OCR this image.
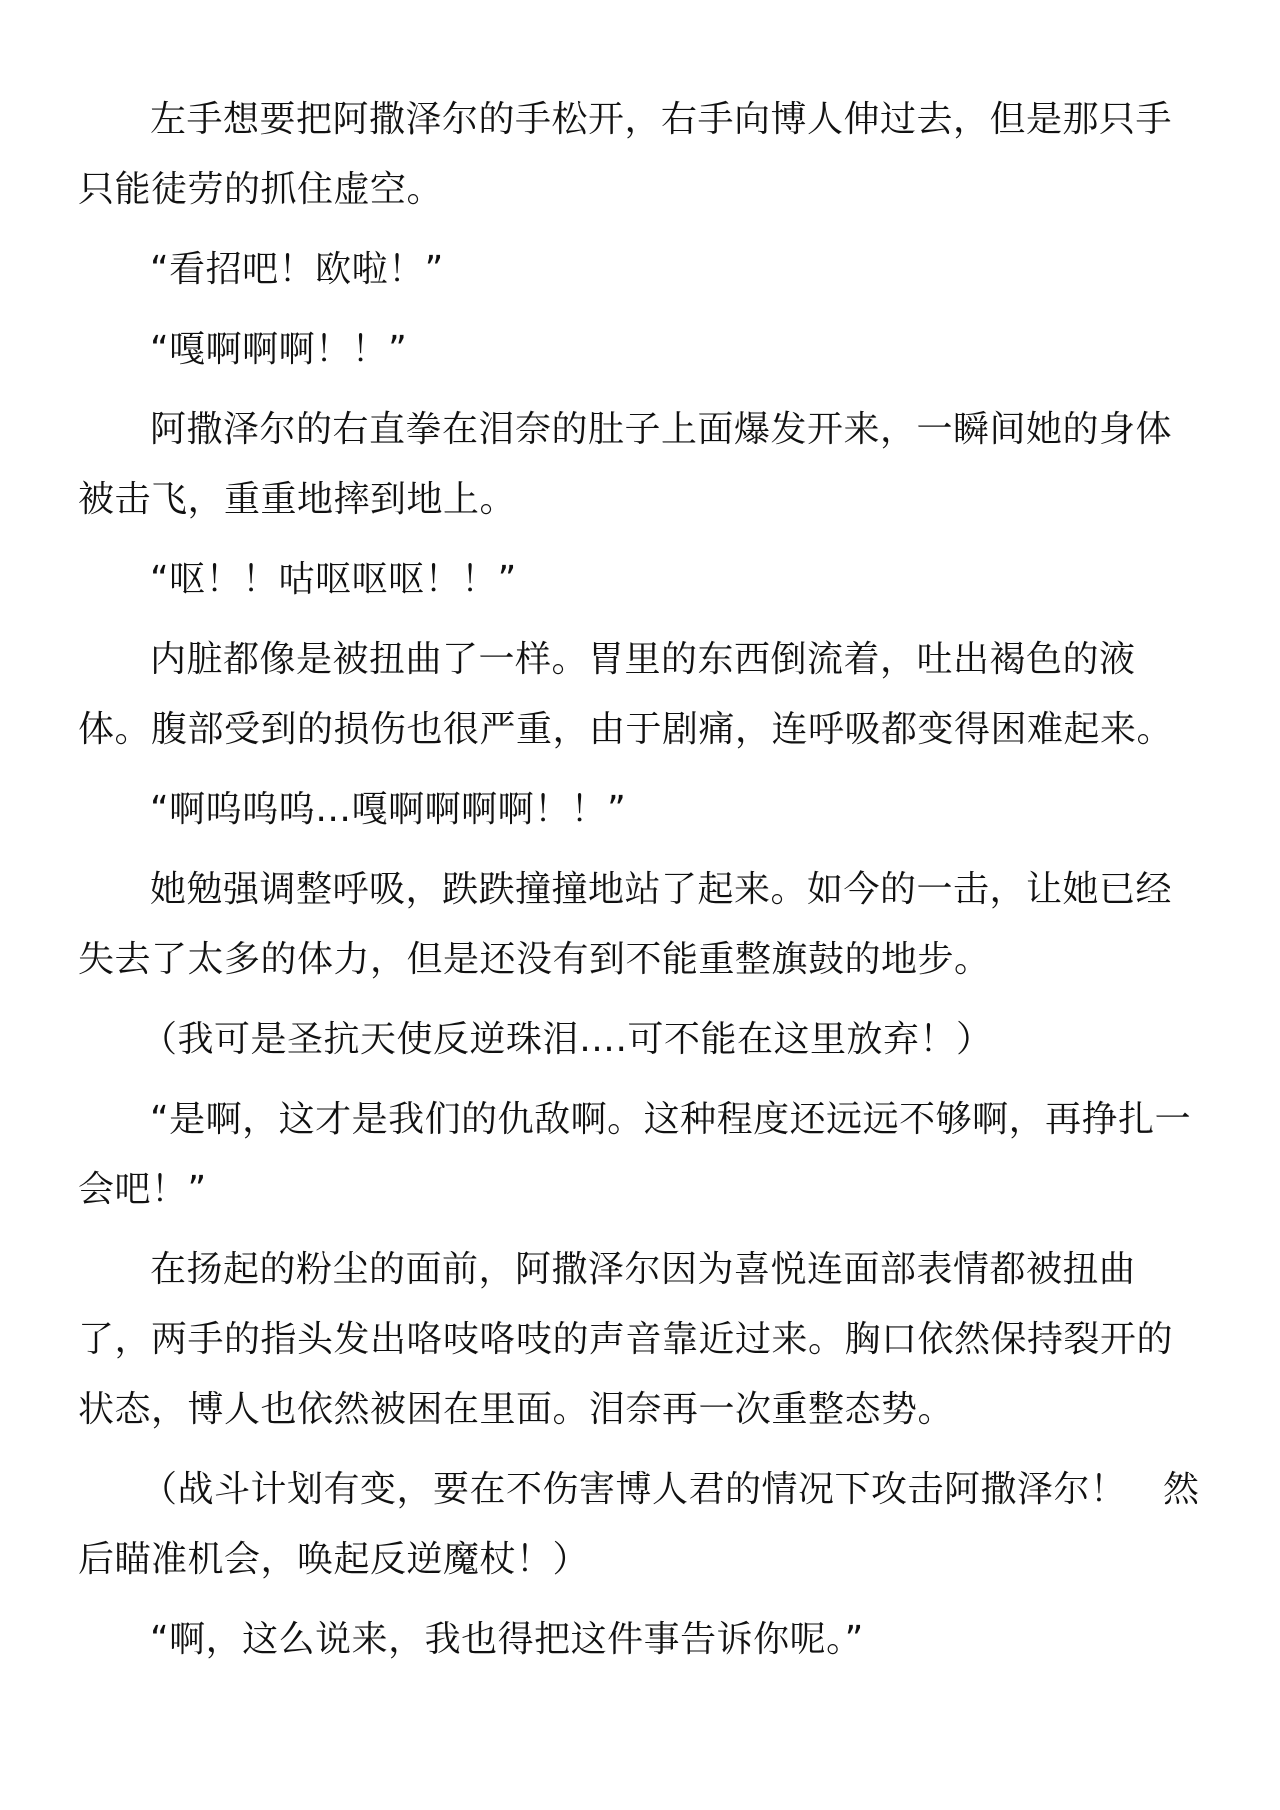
左手想要把阿撒泽尔的手松开，右手向博人伸过去，但是那只手只能徒劳的抓住虚空。

“看招吧！欧啦！”

“嘎啊啊啊！！”

阿撒泽尔的右直拳在泪奈的肚子上面爆发开来，一瞬间她的身体被击飞，重重地摔到地上。

“呕！！咕呕呕呕！！”

内脏都像是被扭曲了一样。胃里的东西倒流着，吐出褐色的液体。腹部受到的损伤也很严重，由于剧痛，连呼吸都变得困难起来。

“啊呜呜呜…嘎啊啊啊啊！！”

她勉强调整呼吸，跌跌撞撞地站了起来。如今的一击，让她已经失去了太多的体力，但是还没有到不能重整旗鼓的地步。

（我可是圣抗天使反逆珠泪….可不能在这里放弃！）

“是啊，这才是我们的仇敌啊。这种程度还远远不够啊，再挣扎一会吧！”

在扬起的粉尘的面前，阿撒泽尔因为喜悦连面部表情都被扭曲了，两手的指头发出咯吱咯吱的声音靠近过来。胸口依然保持裂开的状态，博人也依然被困在里面。泪奈再一次重整态势。

（战斗计划有变，要在不伤害博人君的情况下攻击阿撒泽尔！　然后瞄准机会，唤起反逆魔杖！）

“啊，这么说来，我也得把这件事告诉你呢。”
